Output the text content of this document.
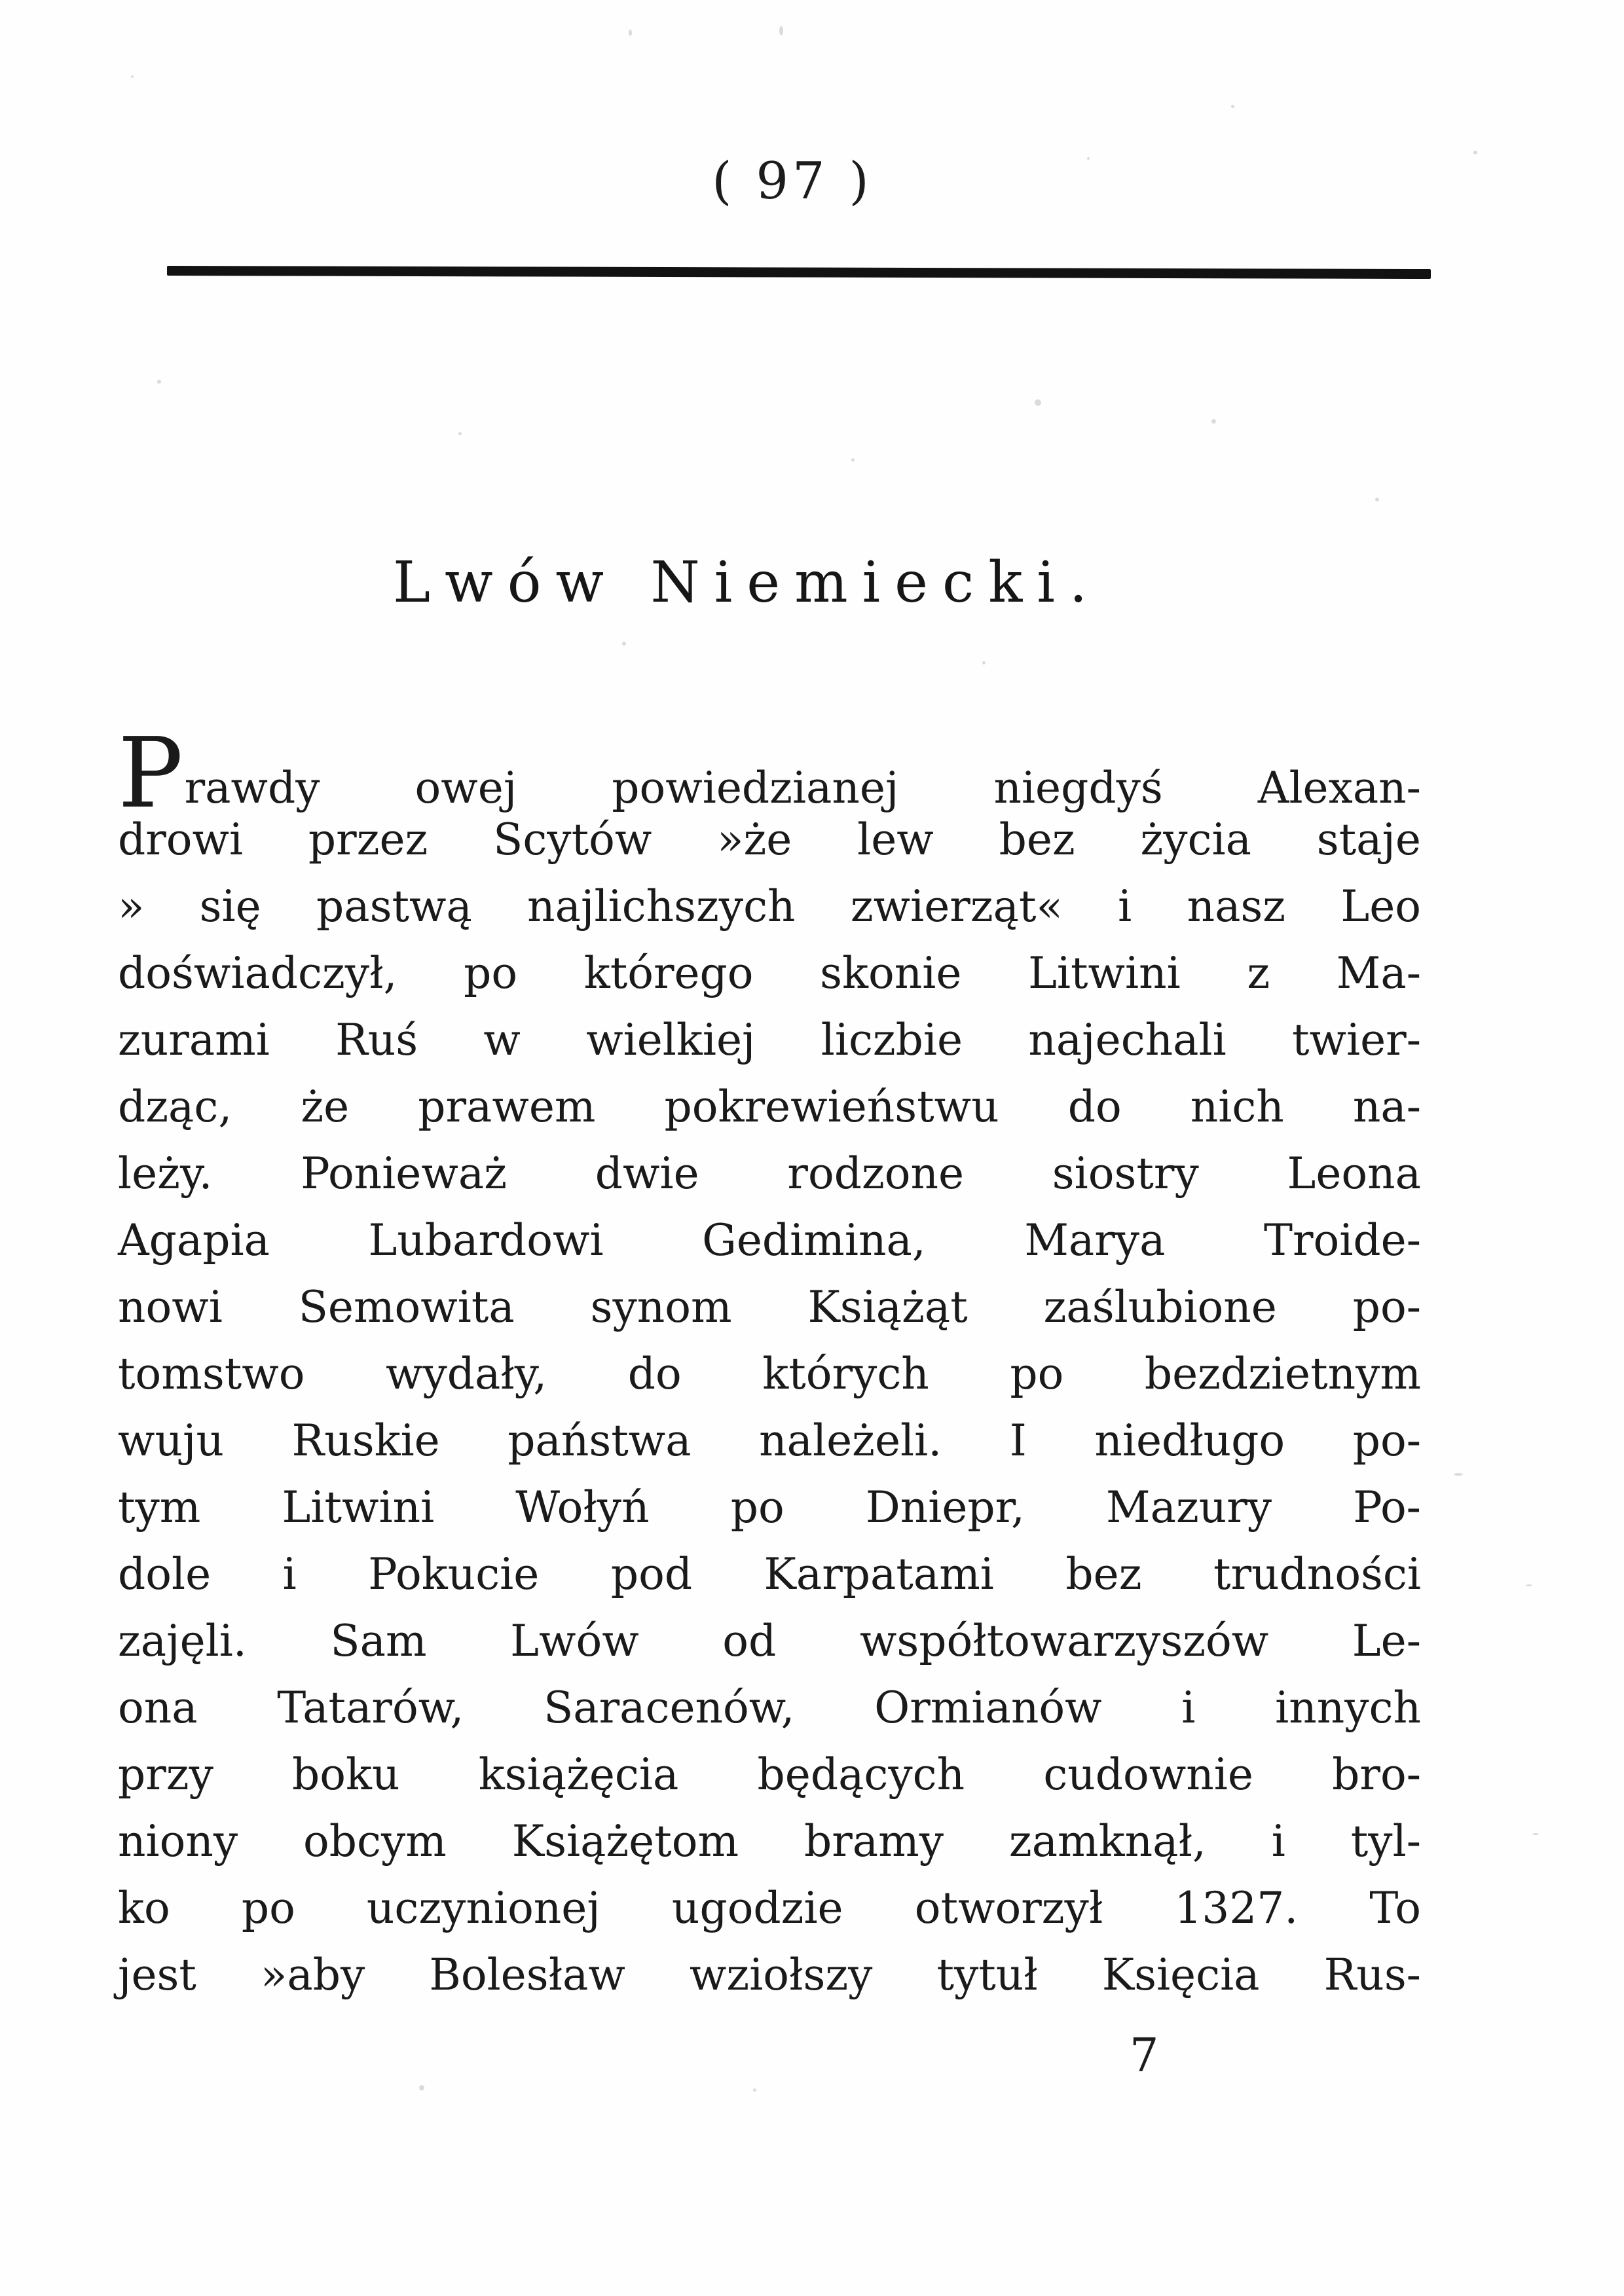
( 97 )
Lwów Niemiecki.
Prawdy owej powiedzianej niegdyś Alexan-
drowi przez Scytów »że lew bez życia staje
» się pastwą najlichszych zwierząt« i nasz Leo
doświadczył, po którego skonie Litwini z Ma-
zurami Ruś w wielkiej liczbie najechali twier-
dząc, że prawem pokrewieństwu do nich na-
leży. Ponieważ dwie rodzone siostry Leona
Agapia Lubardowi Gedimina, Marya Troide-
nowi Semowita synom Książąt zaślubione po-
tomstwo wydały, do których po bezdzietnym
wuju Ruskie państwa należeli. I niedługo po-
tym Litwini Wołyń po Dniepr, Mazury Po-
dole i Pokucie pod Karpatami bez trudności
zajęli. Sam Lwów od współtowarzyszów Le-
ona Tatarów, Saracenów, Ormianów i innych
przy boku książęcia będących cudownie bro-
niony obcym Książętom bramy zamknął, i tyl-
ko po uczynionej ugodzie otworzył 1327. To
jest »aby Bolesław wziołszy tytuł Księcia Rus-
7
